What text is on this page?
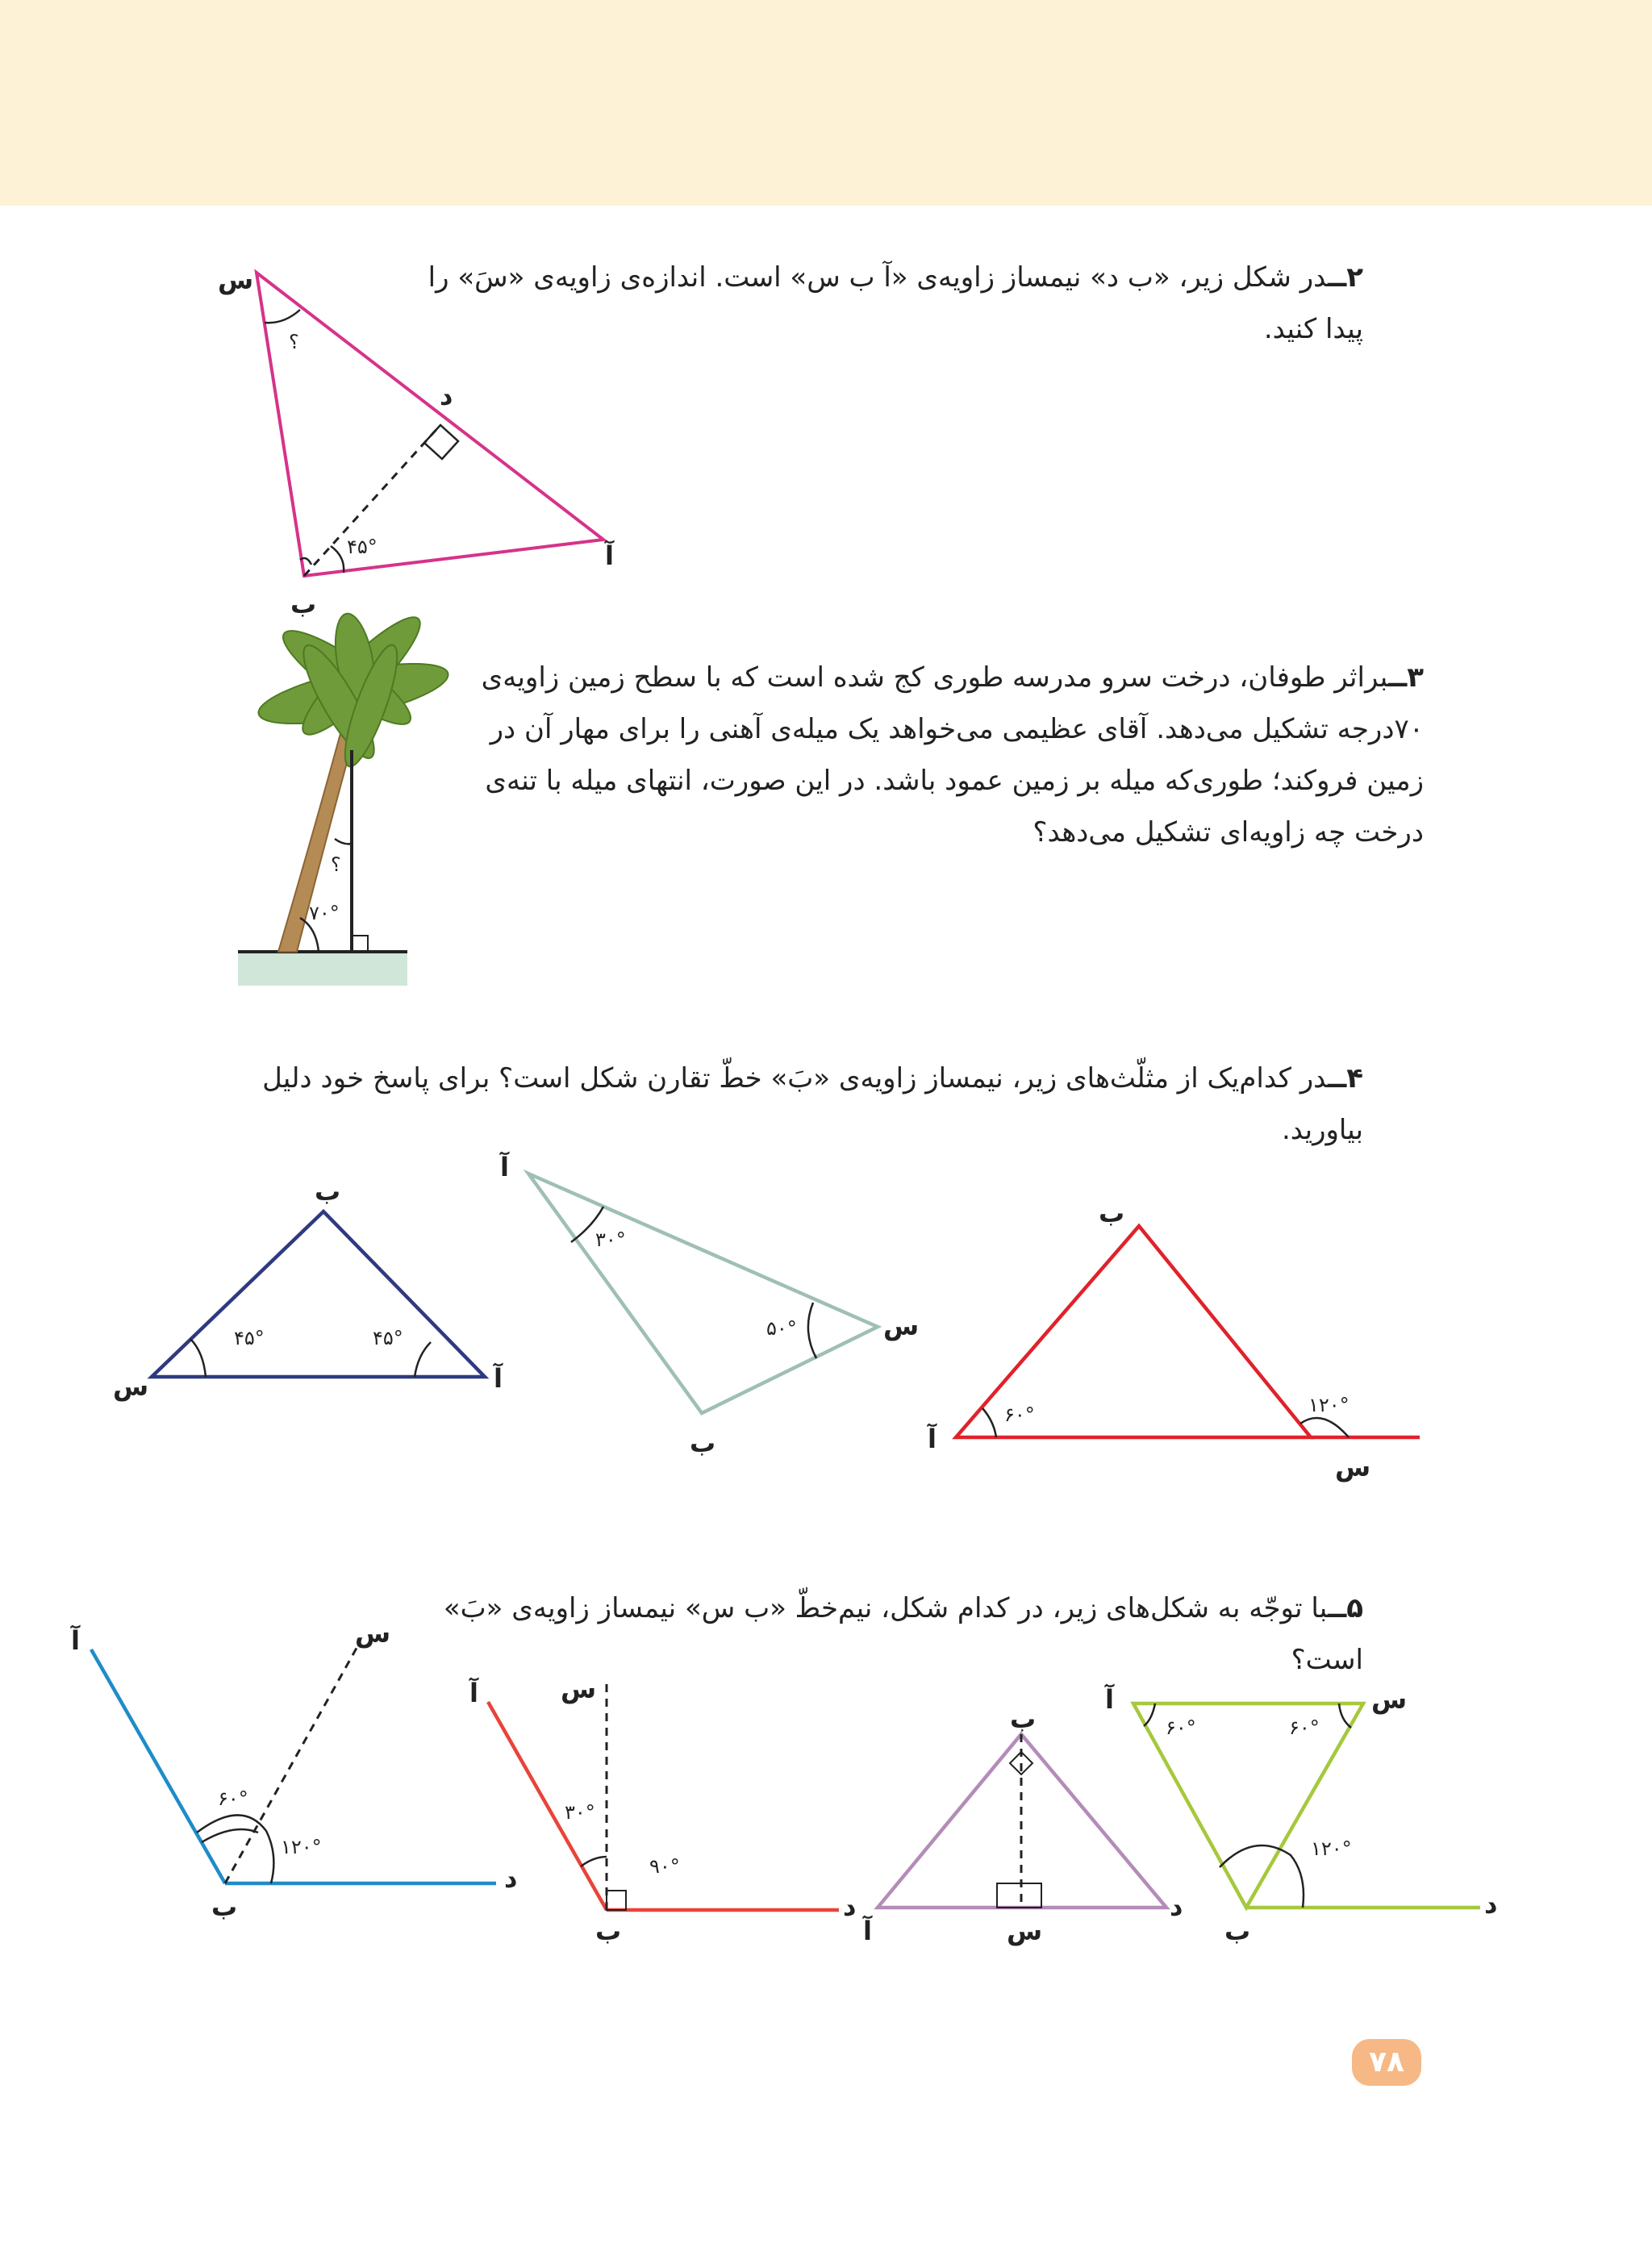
۲ــدر شکل زیر، «ب د» نیمساز زاویه‌ی «آ ب س» است. اندازه‌ی زاویه‌ی «سَ» را پیدا کنید.
۳ــبراثر طوفان، درخت سرو مدرسه طوری کج شده است که با سطح زمین زاویه‌ی ۷۰درجه تشکیل می‌دهد. آقای عظیمی می‌خواهد یک میله‌ی آهنی را برای مهار آن در زمین فروکند؛ طوری‌که میله بر زمین عمود باشد. در این صورت، انتهای میله با تنه‌ی درخت چه زاویه‌ای تشکیل می‌دهد؟
۴ــدر کدام‌یک از مثلّث‌های زیر، نیمساز زاویه‌ی «بَ» خطّ تقارن شکل است؟ برای پاسخ خود دلیل بیاورید.
۵ــبا توجّه به شکل‌های زیر، در کدام شکل، نیم‌خطّ «ب س» نیمساز زاویه‌ی «بَ» است؟
س
د
آ
ب
؟
۴۵°
۷۰°
؟
ب
س	آ
۴۵°	۴۵°
آ
س
ب
۳۰°
۵۰°
ب
آ
س
۶۰°	۱۲۰°
آ	س
ب
د
۶۰°
۱۲۰°
آ	س
ب
د
۳۰°
۹۰°
ب
آ	س
د
آ	س
ب
د
۶۰°	۶۰°
۱۲۰°
۷۸
